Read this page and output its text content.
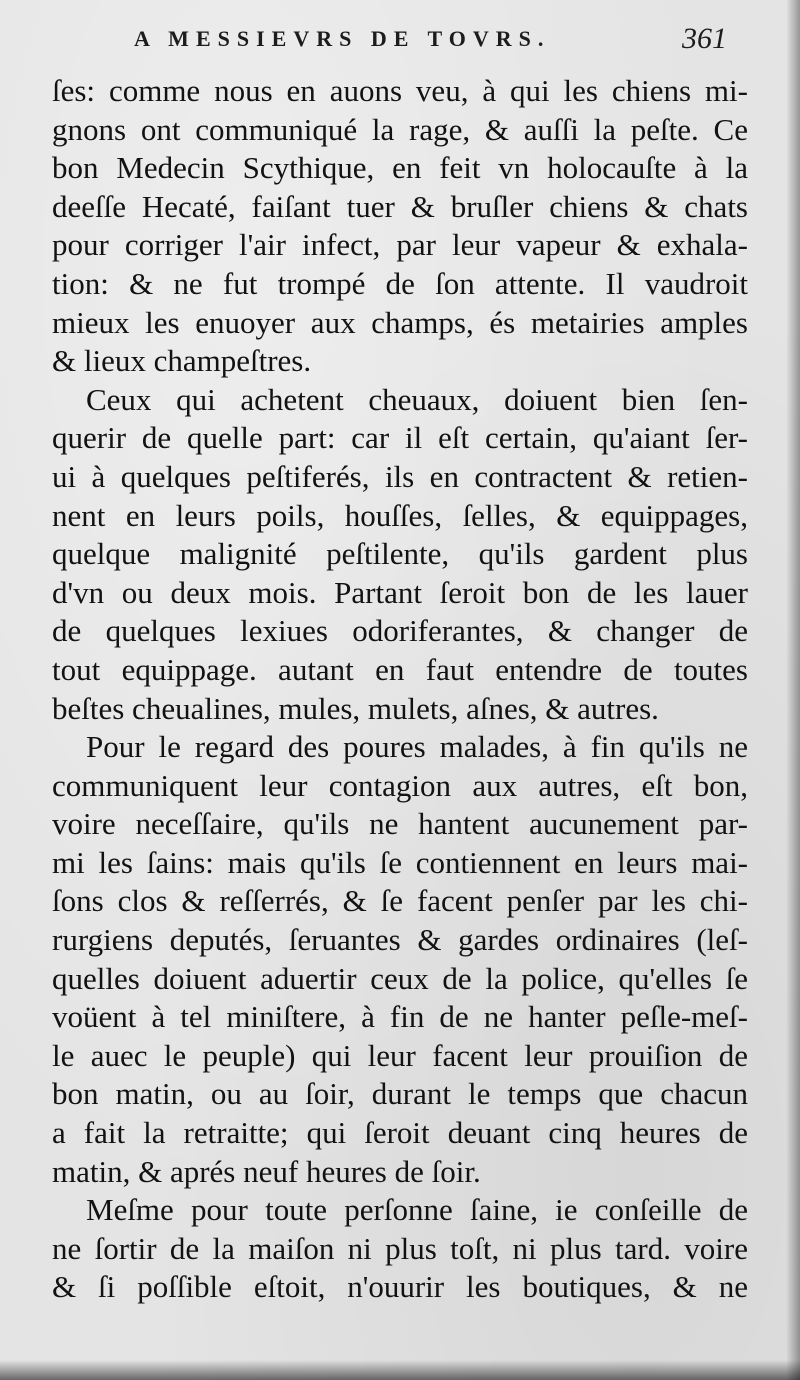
A MESSIEVRS DE TOVRS.	361
ſes: comme nous en auons veu, à qui les chiens mi-
gnons ont communiqué la rage, & auſſi la peſte. Ce
bon Medecin Scythique, en feit vn holocauſte à la
deeſſe Hecaté, faiſant tuer & bruſler chiens & chats
pour corriger l'air infect, par leur vapeur & exhala-
tion: & ne fut trompé de ſon attente. Il vaudroit
mieux les enuoyer aux champs, és metairies amples
& lieux champeſtres.
Ceux qui achetent cheuaux, doiuent bien ſen-
querir de quelle part: car il eſt certain, qu'aiant ſer-
ui à quelques peſtiferés, ils en contractent & retien-
nent en leurs poils, houſſes, ſelles, & equippages,
quelque malignité peſtilente, qu'ils gardent plus
d'vn ou deux mois. Partant ſeroit bon de les lauer
de quelques lexiues odoriferantes, & changer de
tout equippage. autant en faut entendre de toutes
beſtes cheualines, mules, mulets, aſnes, & autres.
Pour le regard des poures malades, à fin qu'ils ne
communiquent leur contagion aux autres, eſt bon,
voire neceſſaire, qu'ils ne hantent aucunement par-
mi les ſains: mais qu'ils ſe contiennent en leurs mai-
ſons clos & reſſerrés, & ſe facent penſer par les chi-
rurgiens deputés, ſeruantes & gardes ordinaires (leſ-
quelles doiuent aduertir ceux de la police, qu'elles ſe
voüent à tel miniſtere, à fin de ne hanter peſle-meſ-
le auec le peuple) qui leur facent leur prouiſion de
bon matin, ou au ſoir, durant le temps que chacun
a fait la retraitte; qui ſeroit deuant cinq heures de
matin, & aprés neuf heures de ſoir.
Meſme pour toute perſonne ſaine, ie conſeille de
ne ſortir de la maiſon ni plus toſt, ni plus tard. voire
& ſi poſſible eſtoit, n'ouurir les boutiques, & ne
